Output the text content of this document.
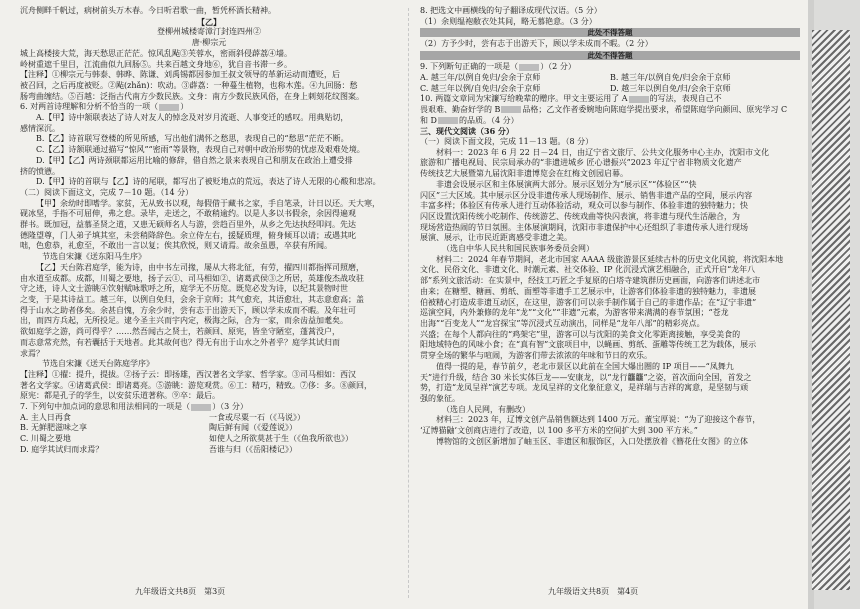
沉舟侧畔千帆过，病树前头万木春。今日听君歌一曲，暂凭杯酒长精神。

【乙】

登柳州城楼寄漳汀封连四州②

唐·柳宗元

城上高楼接大荒，海天愁思正茫茫。惊风乱飐③芙蓉水，密雨斜侵薜荔④墙。

岭树重遮千里目，江流曲似九回肠⑤。共来百越文身地⑥，犹自音书滞一乡。

【注释】①柳宗元与韩泰、韩晔、陈谦、刘禹锡都因参加王叔文领导的革新运动而遭贬，后

被召回，之后再度被贬。②飐(zhǎn)：吹动。③薜荔：一种蔓生植物，也称木莲。④九回肠：愁

肠弯曲缠结。⑤百越：泛指古代南方少数民族。文身：南方少数民族风俗，在身上刺刻花纹图案。

6. 对两首诗理解和分析不恰当的一项（	）

A.【甲】诗中颔联表达了诗人对友人的悼念及对岁月流逝、人事变迁的感叹。用典贴切，

感情深沉。

B.【乙】诗首联写登楼的所见所感，写出他们满怀之愁思，表现自己的“愁思”茫茫不断。

C.【乙】诗颔联通过描写“惊风”“密雨”等景物，表现自己对朝中政治形势的忧虑及艰难处境。

D.【甲】【乙】两诗颈联都运用比喻的修辞，借自然之景来表现自己和朋友在政治上遭受排

挤的愤懑。

D.【甲】诗的首联与【乙】诗的尾联，都写出了被贬地点的荒远，表达了诗人无限的心酸和悲凉。

（二）阅读下面这文，完成 7－10 题。（14 分）

【甲】余幼时即嗜学。家贫，无从致书以观，每假借于藏书之家，手自笔录，计日以还。天大寒，

砚冰坚，手指不可屈伸，弗之怠。录毕，走送之，不敢稍逾约。以是人多以书假余，余因得遍观

群书。既加冠，益慕圣贤之道，又患无硕师名人与游，尝趋百里外，从乡之先达执经叩问。先达

德隆望尊，门人弟子填其室，未尝稍降辞色。余立侍左右，援疑质理，俯身倾耳以请；或遇其叱

咄，色愈恭，礼愈至，不敢出一言以复；俟其欣悦，则又请焉。故余虽愚，卒获有所闻。

节选自宋濂《送东阳马生序》

【乙】天台陈君庭学，能为诗，由中书左司掾，屡从大将北征，有劳，擢四川都指挥司照磨，

由水道至成都。成都，川蜀之要地，扬子云①、司马相如②、诸葛武侯③之所居，英雄俊杰战攻驻

守之迹，诗人文士游眺④饮射赋咏歌呼之所，庭学无不历览。既览必发为诗，以纪其景物时世

之变，于是其诗益工。越三年，以例自免归，会余于京师；其气愈充，其语愈壮，其志意愈高；盖

得于山水之助者侈矣。余甚自愧，方余少时，尝有志于出游天下，顾以学未成而不暇。及年壮可

出，而四方兵起，无所投足。逮今圣主兴而宇内定，极海之际，合为一家，而余齿益加耄矣。

欲如庭学之游，尚可得乎？……然吾闻古之贤士，若颜回、原宪，皆坐守陋室，蓬蒿没户，

而志意常充然，有若囊括于天地者。此其故何也？得无有出于山水之外者乎？庭学其试归而

求焉？

节选自宋濂《送天台陈庭学序》

【注释】①擢：提升，提拔。②扬子云：即扬雄，西汉著名文学家、哲学家。③司马相如：西汉

著名文学家。④诸葛武侯：即诸葛亮。⑤游眺：游览观赏。⑥工：精巧，精致。⑦侈：多。⑧颜回，

原宪：都是孔子的学生，以安贫乐道著称。⑨卒：最后。

7. 下列句中加点词的意思和用法相同的一项是（	）（3 分）

A. 主人日再食	一食或尽粟一石（《马说》）

B. 无鲜肥滋味之享	陶后鲜有闻（《爱莲说》）

C. 川蜀之要地	如使人之所欲莫甚于生（《鱼我所欲也》）

D. 庭学其试归而求焉？	吾谁与归（《岳阳楼记》）

8. 把选文中画横线的句子翻译成现代汉语。（5 分）

（1）余则缊袍敝衣处其间，略无慕艳意。（3 分）

此处不得答题

（2）方予少时，尝有志于出游天下，顾以学未成而不暇。（2 分）

此处不得答题

9. 下列断句正确的一项是（	）（2 分）

A. 越三年/以例自免归/会余于京师	B. 越三年/以例自免/归会余于京师

C. 越三年以例/自免归/会余于京师	D. 越三年以例自免/归/会余于京师

10. 两篇文章同为宋濂写给晚辈的赠序。甲文主要运用了 A	的写法，表现自己不

畏艰难、勤奋好学的 B	品格；乙文作者委婉地向陈庭学提出要求，希望陈庭学向颜回、原宪学习 C

和 D	的品质。（4 分）

三、现代文阅读（36 分）

（一）阅读下面文段，完成 11－13 题。（8 分）

材料一：2023 年 6 月 22 日－24 日，由辽宁省文旅厅、公共文化服务中心主办，沈阳市文化

旅游和广播电视局、民宗局承办的“非遗进城乡 匠心谱振兴”2023 年辽宁省非物质文化遗产

传统技艺大展暨第九届沈阳非遗博览会在红梅文创园启幕。

非遗会设展示区和主体展演两大部分。展示区划分为“展示区”“体验区”“快

闪区”三大区域。其中展示区分设非遗传承人现场制作、展示、销售非遗产品的空间，展示内容

丰富多样；体验区有传承人进行互动体验活动，观众可以参与制作、体验非遗的独特魅力；快

闪区设置沈阳传统小吃制作、传统游艺、传统戏曲等快闪表演，将非遗与现代生活融合，为

现场营造热闹的节日氛围。主体展演期间，沈阳市非遗保护中心还组织了非遗传承人进行现场

展演、展示，让市民近距离感受非遗之美。

（选自中华人民共和国民族事务委员会网）

材料二：2024 年春节期间，老北市国家 AAAA 级旅游景区延续古朴的历史文化风貌，将沈阳本地

文化、民俗文化、非遗文化、时潮元素、社交体验、IP 化沉浸式演艺相融合，正式开启“龙年八

部”系列文旅活动：在实景中，经技工巧匠之手复原的白塔寺建筑群历史画面，向游客们讲述北市

由来；在糖塑、糖画、剪纸、面塑等非遗手工艺展示中，让游客们体验非遗的独特魅力，非遗展

伯被精心打造成非遗互动区，在这里，游客们可以亲手制作属于自己的非遗作品；在“辽宁非遗”

巡演空间，内外兼修的龙年“龙”“文化”“非遗”元素，为游客带来满满的春节氛围；“苍龙

出海”“百变龙人”“龙宫探宝”等沉浸式互动演出，同样是“龙年八部”的精彩亮点。

兴盛；在每个人都向往的“鸡架宅”里，游客可以与沈阳的美食文化零距离接触，享受美食的

阳地域特色的风味小食；在“真有智”文旅项目中，以蝇画、剪纸、蛋雕等传统工艺为载体，展示

贯穿全场的繁华与喧闹，为游客们带去浓浓的年味和节日的欢乐。

值得一提的是，春节前夕，老北市景区以此前在全国大爆出圈的 IP 项目——“凤舞九

天”进行升级，结合 30 米长实体巨龙——安康龙，以“龙行龘龘”之姿，首次面向全国，首发之

势，打造“龙凤呈祥”演艺专项。龙凤呈祥的文化象征意义，是祥瑞与吉祥的寓意，是坚韧与顽

强的象征。

（选自人民网，有删改）

材料三：2023 年，辽博文创产品销售额达到 1400 万元。董宝厚说：“为了迎接这个春节，

‘辽博猫鼬’文创商店进行了改造，以 100 多平方米的空间扩大到 300 平方米。”

博物馆的文创区新增加了岫玉区、非遗区和服饰区，入口处摆放着《簪花仕女图》的立体

九年级语文共8页　第3页	九年级语文共8页　第4页
